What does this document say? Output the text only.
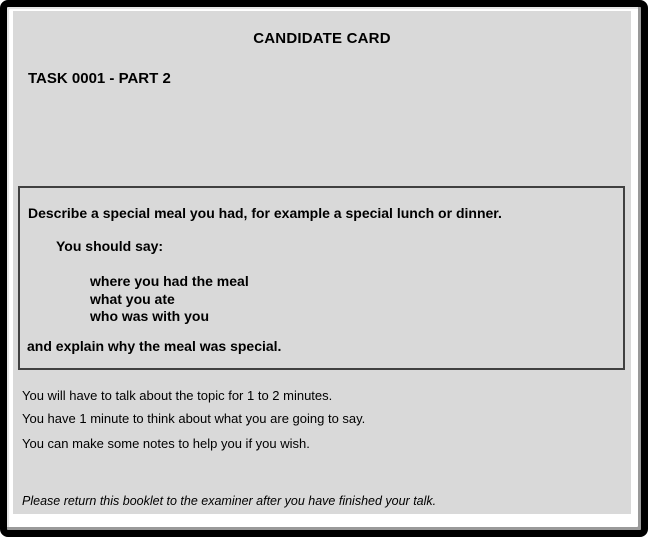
CANDIDATE CARD
TASK 0001 - PART 2
Describe a special meal you had, for example a special lunch or dinner.
You should say:
where you had the meal
what you ate
who was with you
and explain why the meal was special.
You will have to talk about the topic for 1 to 2 minutes.
You have 1 minute to think about what you are going to say.
You can make some notes to help you if you wish.
Please return this booklet to the examiner after you have finished your talk.
